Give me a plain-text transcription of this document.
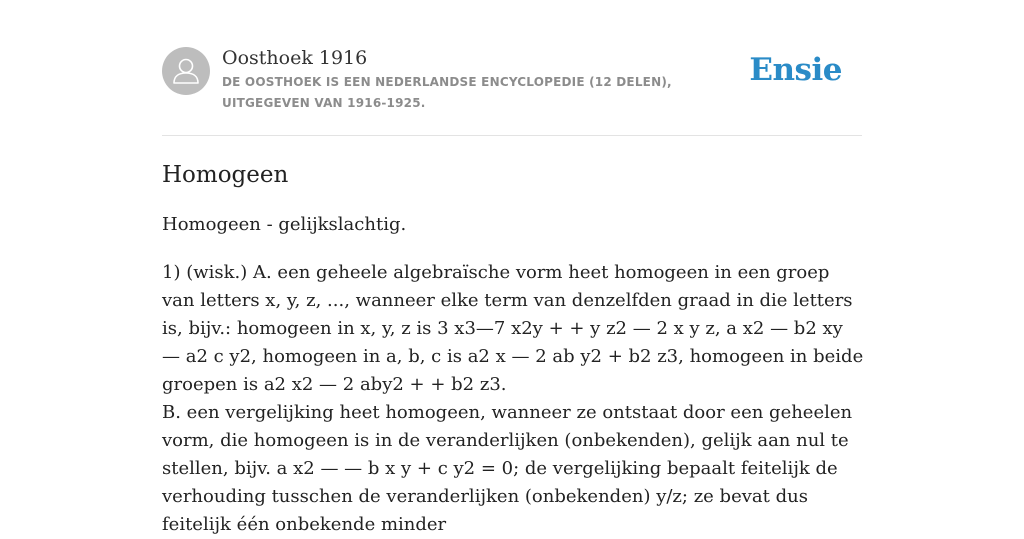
Oosthoek 1916
DE OOSTHOEK IS EEN NEDERLANDSE ENCYCLOPEDIE (12 DELEN), UITGEGEVEN VAN 1916-1925.
Ensie
Homogeen

Homogeen - gelijkslachtig.

1) (wisk.) A. een geheele algebraïsche vorm heet homogeen in een groep van letters x, y, z, ..., wanneer elke term van denzelfden graad in die letters is, bijv.: homogeen in x, y, z is 3 x3—7 x2y + + y z2 — 2 x y z, a x2 — b2 xy — a2 c y2, homogeen in a, b, c is a2 x — 2 ab y2 + b2 z3, homogeen in beide groepen is a2 x2 — 2 aby2 + + b2 z3.

B. een vergelijking heet homogeen, wanneer ze ontstaat door een geheelen vorm, die homogeen is in de veranderlijken (onbekenden), gelijk aan nul te stellen, bijv. a x2 — — b x y + c y2 = 0; de vergelijking bepaalt feitelijk de verhouding tusschen de veranderlijken (onbekenden) y/z; ze bevat dus feitelijk één onbekende minder
